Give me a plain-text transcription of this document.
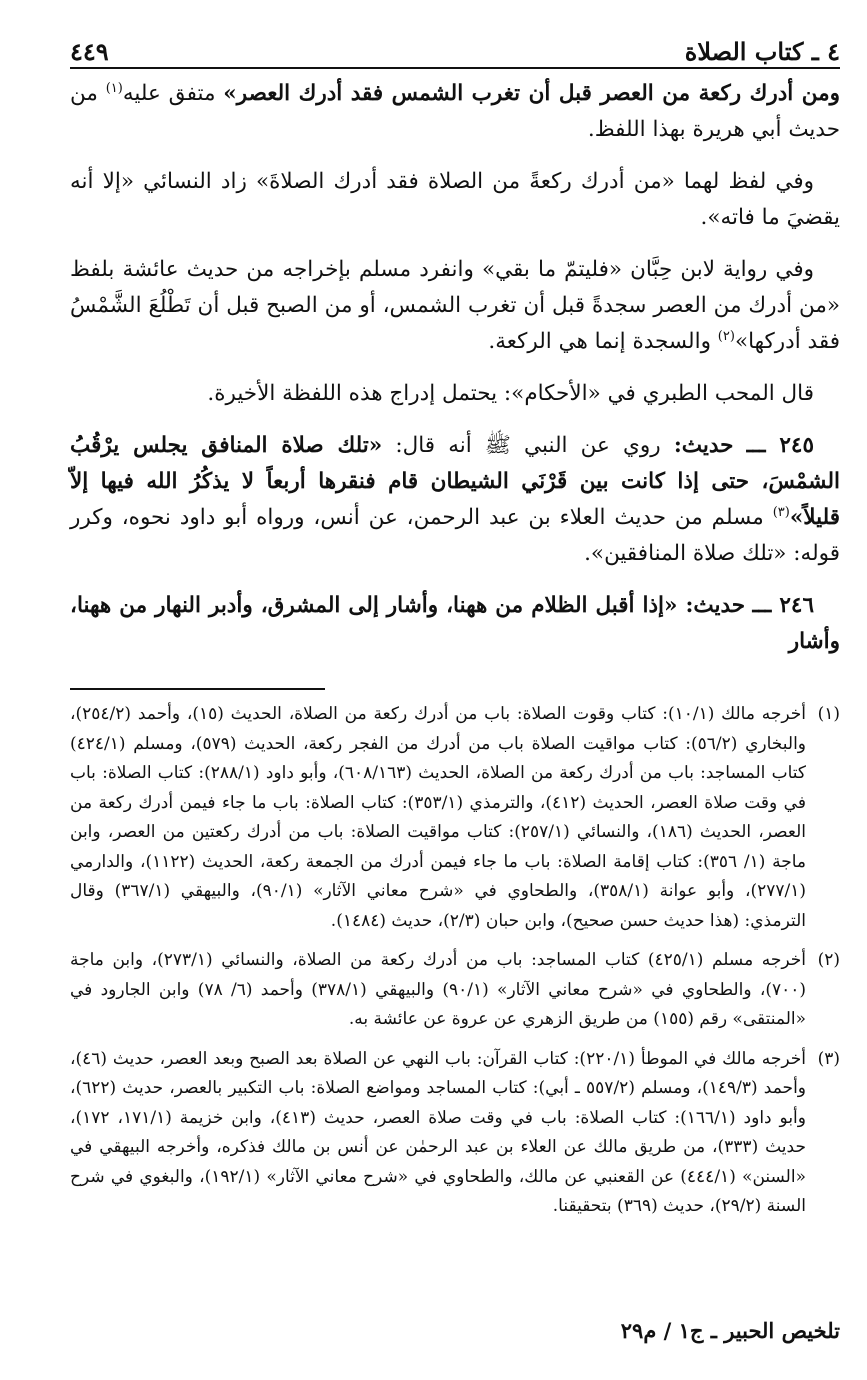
٤ ـ كتاب الصلاة
٤٤٩

ومن أدرك ركعة من العصر قبل أن تغرب الشمس فقد أدرك العصر» متفق عليه$^{(١)}$ من حديث أبي هريرة بهذا اللفظ.

وفي لفظ لهما «من أدرك ركعةً من الصلاة فقد أدرك الصلاةَ» زاد النسائي «إلا أنه يقضيَ ما فاته».

وفي رواية لابن حِبَّان «فليتمّ ما بقي» وانفرد مسلم بإخراجه من حديث عائشة بلفظ «من أدرك من العصر سجدةً قبل أن تغرب الشمس، أو من الصبح قبل أن تَطْلُعَ الشَّمْسُ فقد أدركها»$^{(٢)}$ والسجدة إنما هي الركعة.

قال المحب الطبري في «الأحكام»: يحتمل إدراج هذه اللفظة الأخيرة.

٢٤٥ ـــ حديث: روي عن النبي ﷺ أنه قال: «تلك صلاة المنافق يجلس يرْقُبُ الشمْسَ، حتى إذا كانت بين قَرْنَي الشيطان قام فنقرها أربعاً لا يذكُرُ الله فيها إلاّ قليلاً»$^{(٣)}$ مسلم من حديث العلاء بن عبد الرحمن، عن أنس، ورواه أبو داود نحوه، وكرر قوله: «تلك صلاة المنافقين».

٢٤٦ ـــ حديث: «إذا أقبل الظلام من ههنا، وأشار إلى المشرق، وأدبر النهار من ههنا، وأشار

(١)
أخرجه مالك (١٠/١): كتاب وقوت الصلاة: باب من أدرك ركعة من الصلاة، الحديث (١٥)، وأحمد (٢٥٤/٢)، والبخاري (٥٦/٢): كتاب مواقيت الصلاة باب من أدرك من الفجر ركعة، الحديث (٥٧٩)، ومسلم (٤٢٤/١) كتاب المساجد: باب من أدرك ركعة من الصلاة، الحديث (٦٠٨/١٦٣)، وأبو داود (٢٨٨/١): كتاب الصلاة: باب في وقت صلاة العصر، الحديث (٤١٢)، والترمذي (٣٥٣/١): كتاب الصلاة: باب ما جاء فيمن أدرك ركعة من العصر، الحديث (١٨٦)، والنسائي (٢٥٧/١): كتاب مواقيت الصلاة: باب من أدرك ركعتين من العصر، وابن ماجة (١/ ٣٥٦): كتاب إقامة الصلاة: باب ما جاء فيمن أدرك من الجمعة ركعة، الحديث (١١٢٢)، والدارمي (٢٧٧/١)، وأبو عوانة (٣٥٨/١)، والطحاوي في «شرح معاني الآثار» (٩٠/١)، والبيهقي (٣٦٧/١) وقال الترمذي: (هذا حديث حسن صحيح)، وابن حبان (٢/٣)، حديث (١٤٨٤).
(٢)
أخرجه مسلم (٤٢٥/١) كتاب المساجد: باب من أدرك ركعة من الصلاة، والنسائي (٢٧٣/١)، وابن ماجة (٧٠٠)، والطحاوي في «شرح معاني الآثار» (٩٠/١) والبيهقي (٣٧٨/١) وأحمد (٦/ ٧٨) وابن الجارود في «المنتقى» رقم (١٥٥) من طريق الزهري عن عروة عن عائشة به.
(٣)
أخرجه مالك في الموطأ (٢٢٠/١): كتاب القرآن: باب النهي عن الصلاة بعد الصبح وبعد العصر، حديث (٤٦)، وأحمد (١٤٩/٣)، ومسلم (٥٥٧/٢ ـ أبي): كتاب المساجد ومواضع الصلاة: باب التكبير بالعصر، حديث (٦٢٢)، وأبو داود (١٦٦/١): كتاب الصلاة: باب في وقت صلاة العصر، حديث (٤١٣)، وابن خزيمة (١٧١/١، ١٧٢)، حديث (٣٣٣)، من طريق مالك عن العلاء بن عبد الرحمٰن عن أنس بن مالك فذكره، وأخرجه البيهقي في «السنن» (٤٤٤/١) عن القعنبي عن مالك، والطحاوي في «شرح معاني الآثار» (١٩٢/١)، والبغوي في شرح السنة (٢٩/٢)، حديث (٣٦٩) بتحقيقنا.
تلخيص الحبير ـ ج١ / م٢٩
